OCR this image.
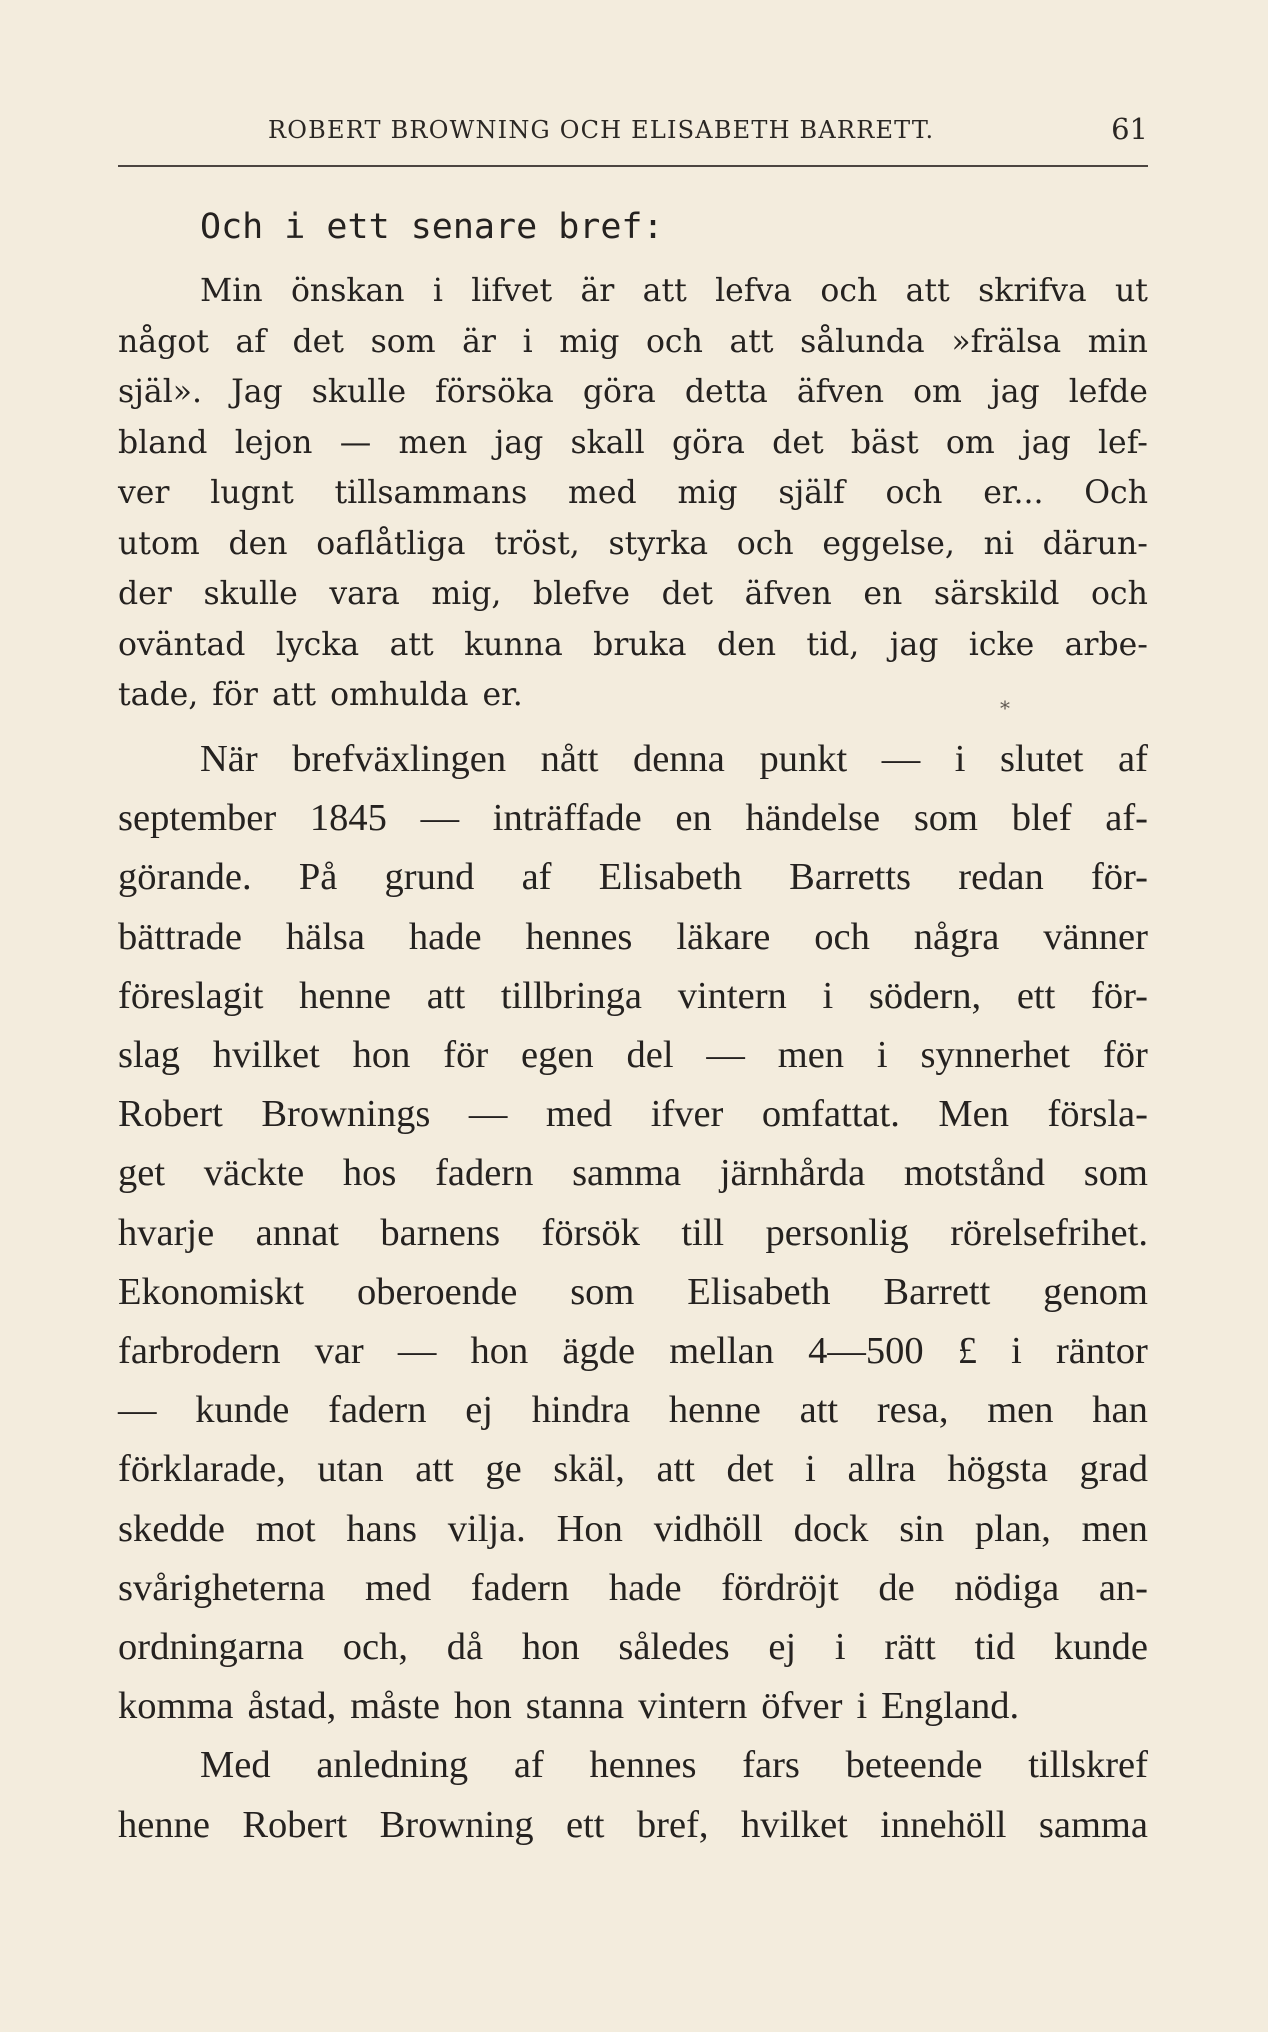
ROBERT BROWNING OCH ELISABETH BARRETT.	61
Och i ett senare bref:
Min önskan i lifvet är att lefva och att skrifva ut
något af det som är i mig och att sålunda »frälsa min
själ». Jag skulle försöka göra detta äfven om jag lefde
bland lejon — men jag skall göra det bäst om jag lef-
ver lugnt tillsammans med mig själf och er... Och
utom den oaflåtliga tröst, styrka och eggelse, ni därun-
der skulle vara mig, blefve det äfven en särskild och
oväntad lycka att kunna bruka den tid, jag icke arbe-
tade, för att omhulda er.
När brefväxlingen nått denna punkt — i slutet af
september 1845 — inträffade en händelse som blef af-
görande. På grund af Elisabeth Barretts redan för-
bättrade hälsa hade hennes läkare och några vänner
föreslagit henne att tillbringa vintern i södern, ett för-
slag hvilket hon för egen del — men i synnerhet för
Robert Brownings — med ifver omfattat. Men försla-
get väckte hos fadern samma järnhårda motstånd som
hvarje annat barnens försök till personlig rörelsefrihet.
Ekonomiskt oberoende som Elisabeth Barrett genom
farbrodern var — hon ägde mellan 4—500 £ i räntor
— kunde fadern ej hindra henne att resa, men han
förklarade, utan att ge skäl, att det i allra högsta grad
skedde mot hans vilja. Hon vidhöll dock sin plan, men
svårigheterna med fadern hade fördröjt de nödiga an-
ordningarna och, då hon således ej i rätt tid kunde
komma åstad, måste hon stanna vintern öfver i England.
Med anledning af hennes fars beteende tillskref
henne Robert Browning ett bref, hvilket innehöll samma
⁎
